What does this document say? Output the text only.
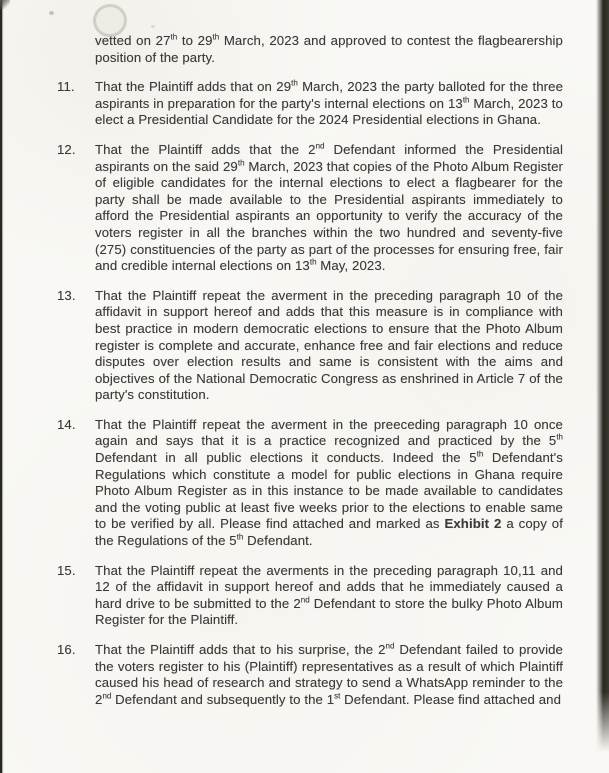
vetted on 27th to 29th March, 2023 and approved to contest the flagbearership position of the party.
11.	That the Plaintiff adds that on 29th March, 2023 the party balloted for the three aspirants in preparation for the party's internal elections on 13th March, 2023 to elect a Presidential Candidate for the 2024 Presidential elections in Ghana.
12.	That the Plaintiff adds that the 2nd Defendant informed the Presidential aspirants on the said 29th March, 2023 that copies of the Photo Album Register of eligible candidates for the internal elections to elect a flagbearer for the party shall be made available to the Presidential aspirants immediately to afford the Presidential aspirants an opportunity to verify the accuracy of the voters register in all the branches within the two hundred and seventy-five (275) constituencies of the party as part of the processes for ensuring free, fair and credible internal elections on 13th May, 2023.
13.	That the Plaintiff repeat the averment in the preceding paragraph 10 of the affidavit in support hereof and adds that this measure is in compliance with best practice in modern democratic elections to ensure that the Photo Album register is complete and accurate, enhance free and fair elections and reduce disputes over election results and same is consistent with the aims and objectives of the National Democratic Congress as enshrined in Article 7 of the party's constitution.
14.	That the Plaintiff repeat the averment in the preeceding paragraph 10 once again and says that it is a practice recognized and practiced by the 5th Defendant in all public elections it conducts. Indeed the 5th Defendant's Regulations which constitute a model for public elections in Ghana require Photo Album Register as in this instance to be made available to candidates and the voting public at least five weeks prior to the elections to enable same to be verified by all. Please find attached and marked as Exhibit 2 a copy of the Regulations of the 5th Defendant.
15.	That the Plaintiff repeat the averments in the preceding paragraph 10,11 and 12 of the affidavit in support hereof and adds that he immediately caused a hard drive to be submitted to the 2nd Defendant to store the bulky Photo Album Register for the Plaintiff.
16.	That the Plaintiff adds that to his surprise, the 2nd Defendant failed to provide the voters register to his (Plaintiff) representatives as a result of which Plaintiff caused his head of research and strategy to send a WhatsApp reminder to the 2nd Defendant and subsequently to the 1st Defendant. Please find attached and
